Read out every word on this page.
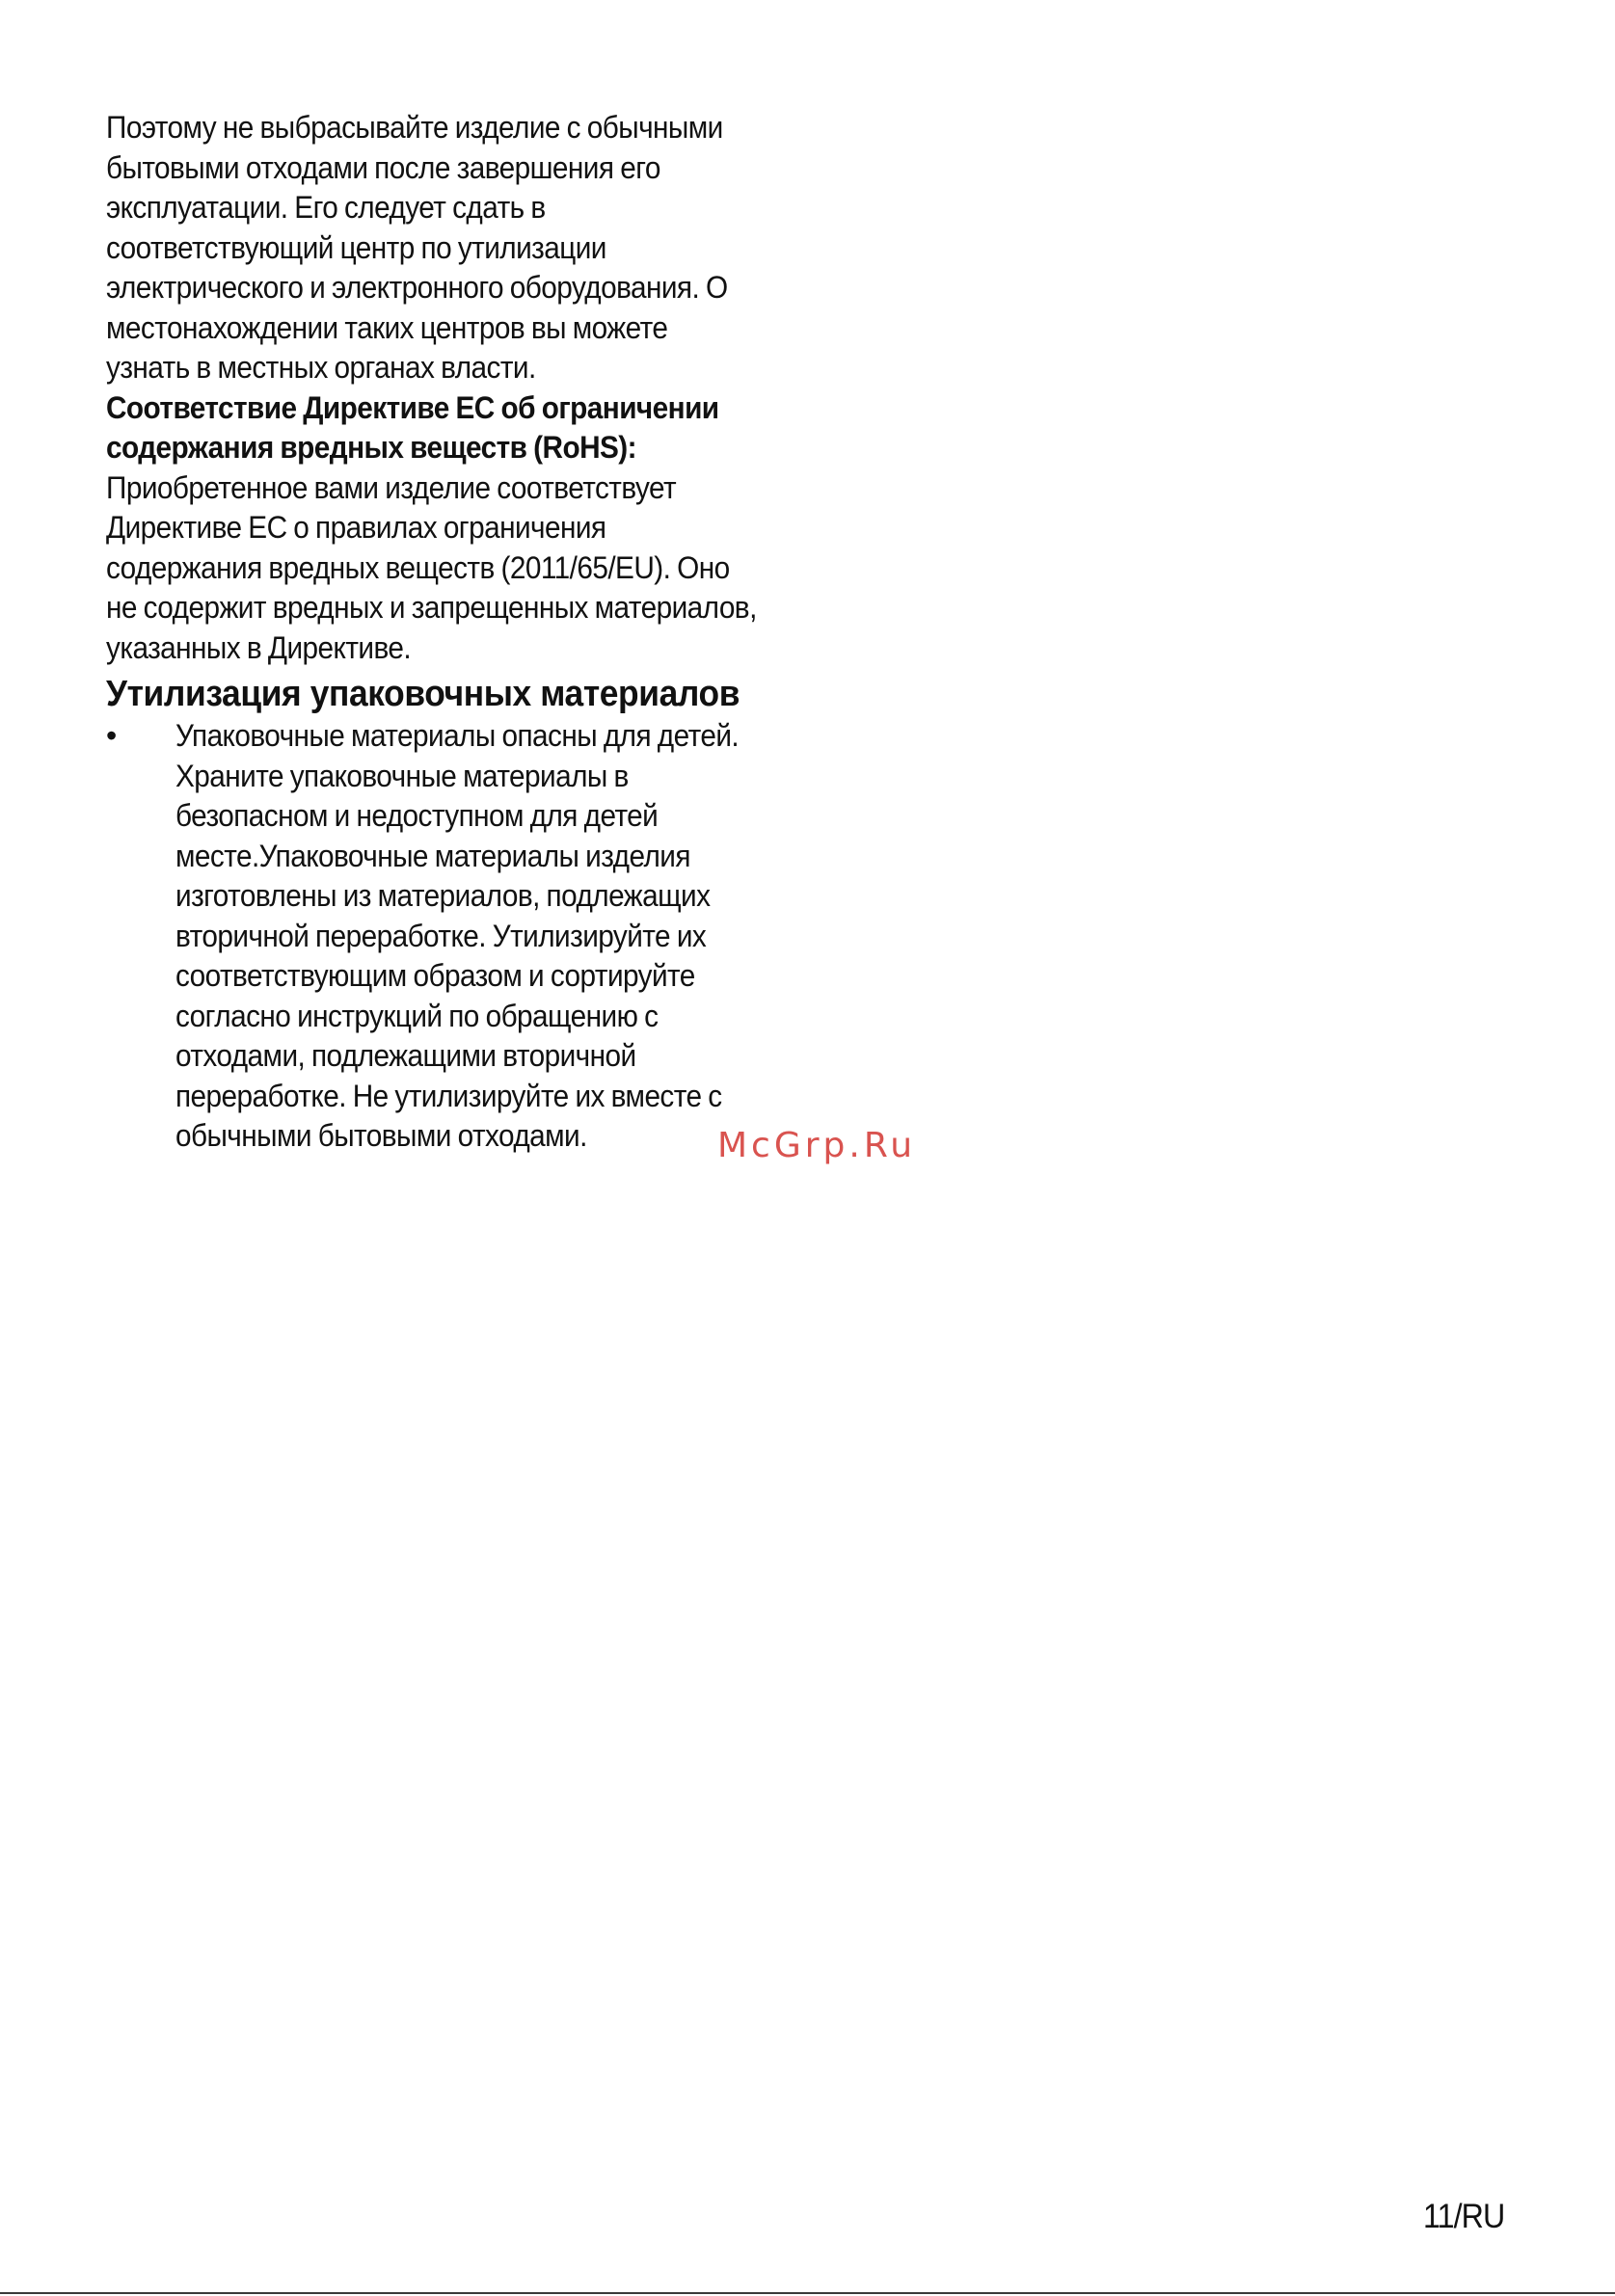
Поэтому не выбрасывайте изделие с обычными
бытовыми отходами после завершения его
эксплуатации. Его следует сдать в
соответствующий центр по утилизации
электрического и электронного оборудования. О
местонахождении таких центров вы можете
узнать в местных органах власти.

Соответствие Директиве ЕС об ограничении
содержания вредных веществ (RoHS):

Приобретенное вами изделие соответствует
Директиве ЕС о правилах ограничения
содержания вредных веществ (2011/65/EU). Оно
не содержит вредных и запрещенных материалов,
указанных в Директиве.

Утилизация упаковочных материалов
• Упаковочные материалы опасны для детей.
Храните упаковочные материалы в
безопасном и недоступном для детей
месте.Упаковочные материалы изделия
изготовлены из материалов, подлежащих
вторичной переработке. Утилизируйте их
соответствующим образом и сортируйте
согласно инструкций по обращению с
отходами, подлежащими вторичной
переработке. Не утилизируйте их вместе с
обычными бытовыми отходами.	McGrp.Ru
11/RU
